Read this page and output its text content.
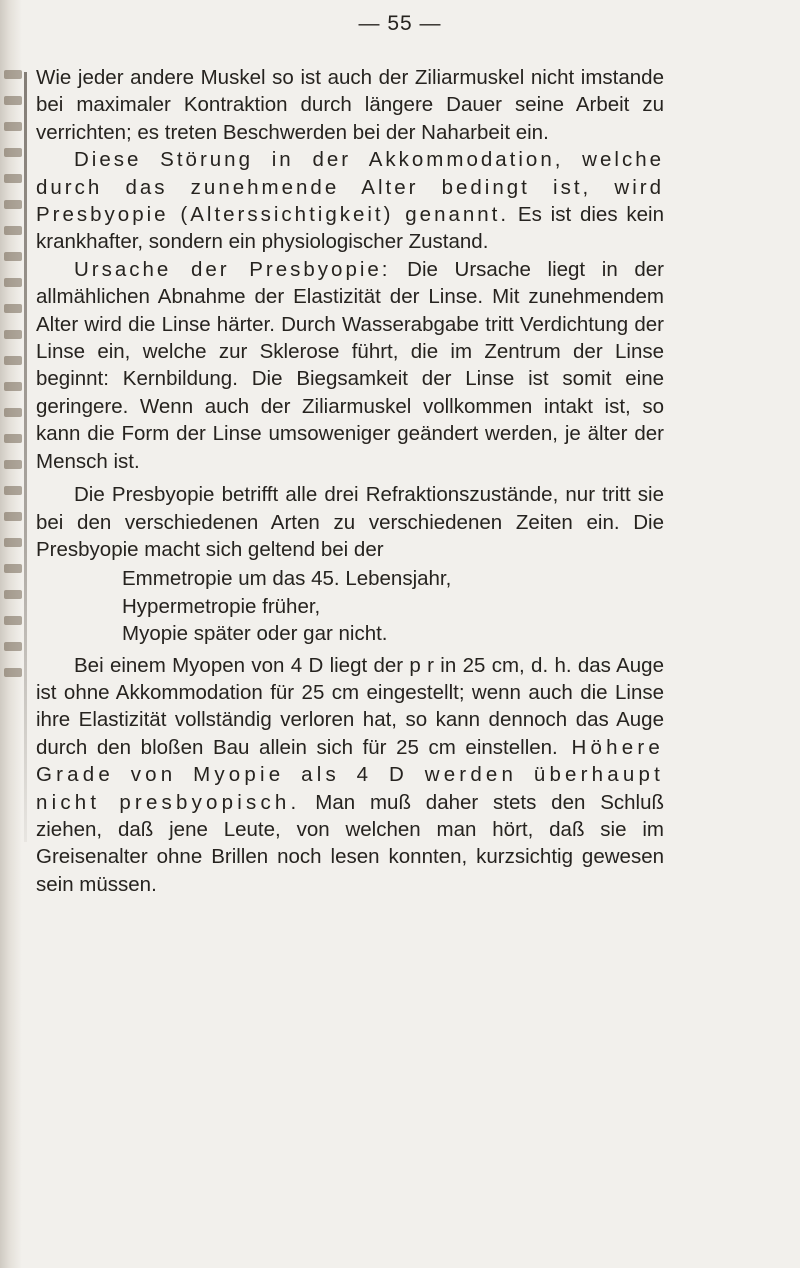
— 55 —

Wie jeder andere Muskel so ist auch der Ziliarmuskel nicht imstande bei maximaler Kontraktion durch längere Dauer seine Arbeit zu verrichten; es treten Beschwerden bei der Naharbeit ein.

Diese Störung in der Akkommodation, welche durch das zunehmende Alter bedingt ist, wird Presbyopie (Alterssichtigkeit) genannt. Es ist dies kein krankhafter, sondern ein physiologischer Zustand.

Ursache der Presbyopie: Die Ursache liegt in der allmählichen Abnahme der Elastizität der Linse. Mit zunehmendem Alter wird die Linse härter. Durch Wasserabgabe tritt Verdichtung der Linse ein, welche zur Sklerose führt, die im Zentrum der Linse beginnt: Kernbildung. Die Biegsamkeit der Linse ist somit eine geringere. Wenn auch der Ziliarmuskel vollkommen intakt ist, so kann die Form der Linse umsoweniger geändert werden, je älter der Mensch ist.

Die Presbyopie betrifft alle drei Refraktionszustände, nur tritt sie bei den verschiedenen Arten zu verschiedenen Zeiten ein. Die Presbyopie macht sich geltend bei der

Emmetropie um das 45. Lebensjahr,
Hypermetropie früher,
Myopie später oder gar nicht.

Bei einem Myopen von 4 D liegt der p r in 25 cm, d. h. das Auge ist ohne Akkommodation für 25 cm eingestellt; wenn auch die Linse ihre Elastizität vollständig verloren hat, so kann dennoch das Auge durch den bloßen Bau allein sich für 25 cm einstellen. Höhere Grade von Myopie als 4 D werden überhaupt nicht presbyopisch. Man muß daher stets den Schluß ziehen, daß jene Leute, von welchen man hört, daß sie im Greisenalter ohne Brillen noch lesen konnten, kurzsichtig gewesen sein müssen.
